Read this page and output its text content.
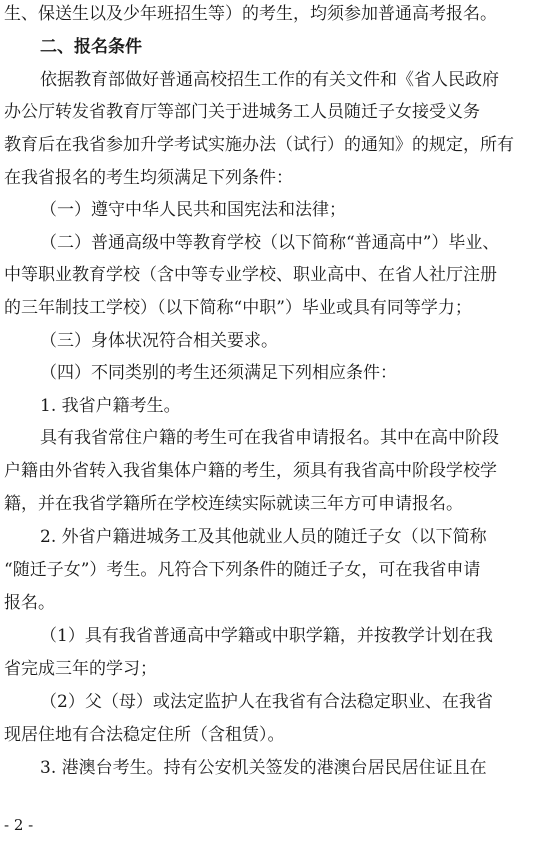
生、保送生以及少年班招生等）的考生，均须参加普通高考报名。
二、报名条件
依据教育部做好普通高校招生工作的有关文件和《省人民政府
办公厅转发省教育厅等部门关于进城务工人员随迁子女接受义务
教育后在我省参加升学考试实施办法（试行）的通知》的规定，所有
在我省报名的考生均须满足下列条件：
（一）遵守中华人民共和国宪法和法律；
（二）普通高级中等教育学校（以下简称“普通高中”）毕业、
中等职业教育学校（含中等专业学校、职业高中、在省人社厅注册
的三年制技工学校）（以下简称“中职”）毕业或具有同等学力；
（三）身体状况符合相关要求。
（四）不同类别的考生还须满足下列相应条件：
1. 我省户籍考生。
具有我省常住户籍的考生可在我省申请报名。其中在高中阶段
户籍由外省转入我省集体户籍的考生，须具有我省高中阶段学校学
籍，并在我省学籍所在学校连续实际就读三年方可申请报名。
2. 外省户籍进城务工及其他就业人员的随迁子女（以下简称
“随迁子女”）考生。凡符合下列条件的随迁子女，可在我省申请
报名。
（1）具有我省普通高中学籍或中职学籍，并按教学计划在我
省完成三年的学习；
（2）父（母）或法定监护人在我省有合法稳定职业、在我省
现居住地有合法稳定住所（含租赁）。
3. 港澳台考生。持有公安机关签发的港澳台居民居住证且在
- 2 -
